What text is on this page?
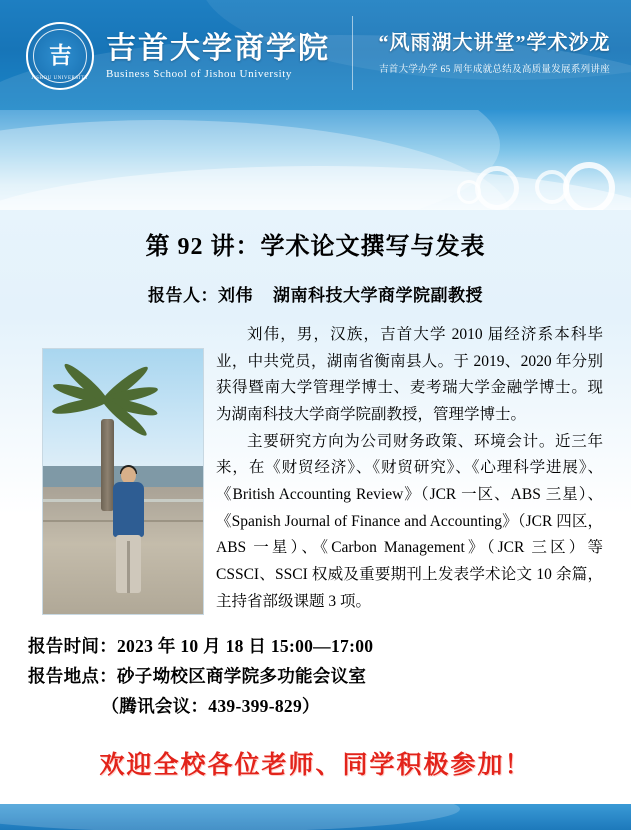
吉
JISHOU UNIVERSITY
吉首大学商学院
Business School of Jishou University
“风雨湖大讲堂”学术沙龙
吉首大学办学 65 周年成就总结及高质量发展系列讲座
第 92 讲：学术论文撰写与发表
报告人：刘伟 湖南科技大学商学院副教授

刘伟，男，汉族，吉首大学 2010 届经济系本科毕业，中共党员，湖南省衡南县人。于 2019、2020 年分别获得暨南大学管理学博士、麦考瑞大学金融学博士。现为湖南科技大学商学院副教授，管理学博士。

主要研究方向为公司财务政策、环境会计。近三年来，在《财贸经济》、《财贸研究》、《心理科学进展》、《British Accounting Review》（JCR 一区、ABS 三星）、《Spanish Journal of Finance and Accounting》（JCR 四区，ABS 一星）、《Carbon Management》（JCR 三区）等 CSSCI、SSCI 权威及重要期刊上发表学术论文 10 余篇，主持省部级课题 3 项。

报告时间：2023 年 10 月 18 日 15:00—17:00
报告地点：砂子坳校区商学院多功能会议室
（腾讯会议：439-399-829）
欢迎全校各位老师、同学积极参加！
